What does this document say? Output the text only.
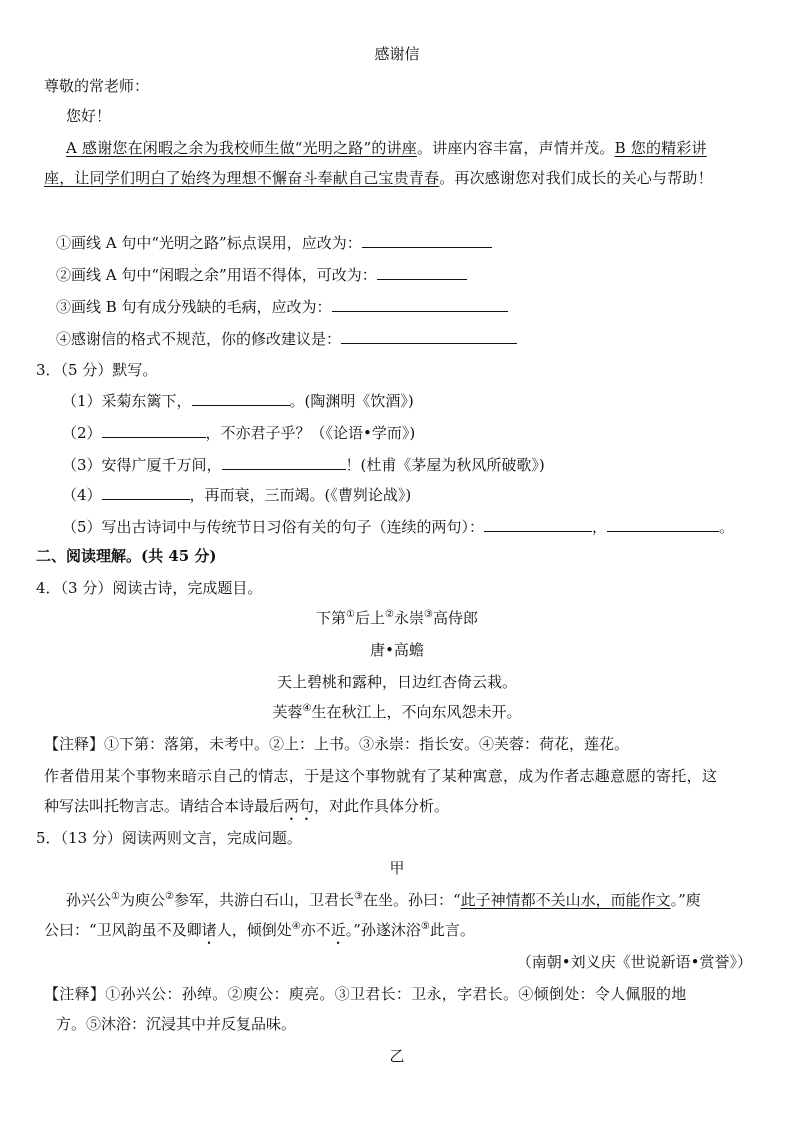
感谢信
尊敬的常老师：
您好！
A 感谢您在闲暇之余为我校师生做“光明之路”的讲座。讲座内容丰富，声情并茂。B 您的精彩讲
座，让同学们明白了始终为理想不懈奋斗奉献自己宝贵青春。再次感谢您对我们成长的关心与帮助！
①画线 A 句中“光明之路”标点误用，应改为：
②画线 A 句中“闲暇之余”用语不得体，可改为：
③画线 B 句有成分残缺的毛病，应改为：
④感谢信的格式不规范，你的修改建议是：
3．（5 分）默写。
（1）采菊东篱下，	。(陶渊明《饮酒》)
（2）	，不亦君子乎？（《论语•学而》)
（3）安得广厦千万间，	！(杜甫《茅屋为秋风所破歌》)
（4）	，再而衰，三而竭。(《曹刿论战》)
（5）写出古诗词中与传统节日习俗有关的句子（连续的两句）：	，	。
二、阅读理解。(共 45 分)
4．（3 分）阅读古诗，完成题目。
下第①后上②永崇③高侍郎
唐•高蟾
天上碧桃和露种，日边红杏倚云栽。
芙蓉④生在秋江上，不向东风怨未开。
【注释】①下第：落第，未考中。②上：上书。③永崇：指长安。④芙蓉：荷花，莲花。
作者借用某个事物来暗示自己的情志，于是这个事物就有了某种寓意，成为作者志趣意愿的寄托，这
种写法叫托物言志。请结合本诗最后两句，对此作具体分析。
5．（13 分）阅读两则文言，完成问题。
甲
孙兴公①为庾公②参军，共游白石山，卫君长③在坐。孙曰：“此子神情都不关山水，而能作文。”庾
公曰：“卫风韵虽不及卿诸人，倾倒处④亦不近。”孙遂沐浴⑤此言。
（南朝•刘义庆《世说新语•赏誉》）
【注释】①孙兴公：孙绰。②庾公：庾亮。③卫君长：卫永，字君长。④倾倒处：令人佩服的地
方。⑤沐浴：沉浸其中并反复品味。
乙
